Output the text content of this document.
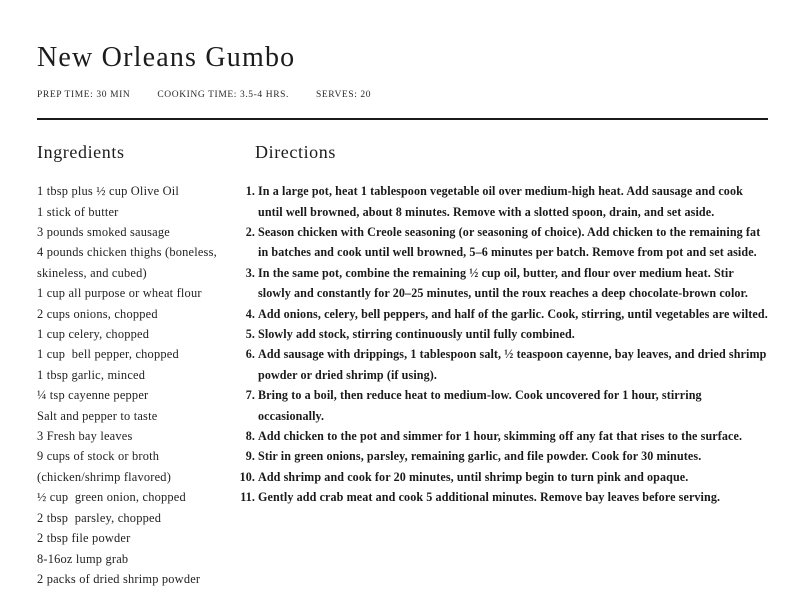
New Orleans Gumbo
PREP TIME: 30 MIN	COOKING TIME: 3.5-4 HRS.	SERVES: 20
Ingredients
1 tbsp plus ½ cup Olive Oil
1 stick of butter
3 pounds smoked sausage
4 pounds chicken thighs (boneless, skineless, and cubed)
1 cup all purpose or wheat flour
2 cups onions, chopped
1 cup celery, chopped
1 cup  bell pepper, chopped
1 tbsp garlic, minced
¼ tsp cayenne pepper
Salt and pepper to taste
3 Fresh bay leaves
9 cups of stock or broth (chicken/shrimp flavored)
½ cup  green onion, chopped
2 tbsp  parsley, chopped
2 tbsp file powder
8-16oz lump grab
2 packs of dried shrimp powder
Directions
1. In a large pot, heat 1 tablespoon vegetable oil over medium-high heat. Add sausage and cook until well browned, about 8 minutes. Remove with a slotted spoon, drain, and set aside.
2. Season chicken with Creole seasoning (or seasoning of choice). Add chicken to the remaining fat in batches and cook until well browned, 5–6 minutes per batch. Remove from pot and set aside.
3. In the same pot, combine the remaining ½ cup oil, butter, and flour over medium heat. Stir slowly and constantly for 20–25 minutes, until the roux reaches a deep chocolate-brown color.
4. Add onions, celery, bell peppers, and half of the garlic. Cook, stirring, until vegetables are wilted.
5. Slowly add stock, stirring continuously until fully combined.
6. Add sausage with drippings, 1 tablespoon salt, ½ teaspoon cayenne, bay leaves, and dried shrimp powder or dried shrimp (if using).
7. Bring to a boil, then reduce heat to medium-low. Cook uncovered for 1 hour, stirring occasionally.
8. Add chicken to the pot and simmer for 1 hour, skimming off any fat that rises to the surface.
9. Stir in green onions, parsley, remaining garlic, and file powder. Cook for 30 minutes.
10. Add shrimp and cook for 20 minutes, until shrimp begin to turn pink and opaque.
11. Gently add crab meat and cook 5 additional minutes. Remove bay leaves before serving.
